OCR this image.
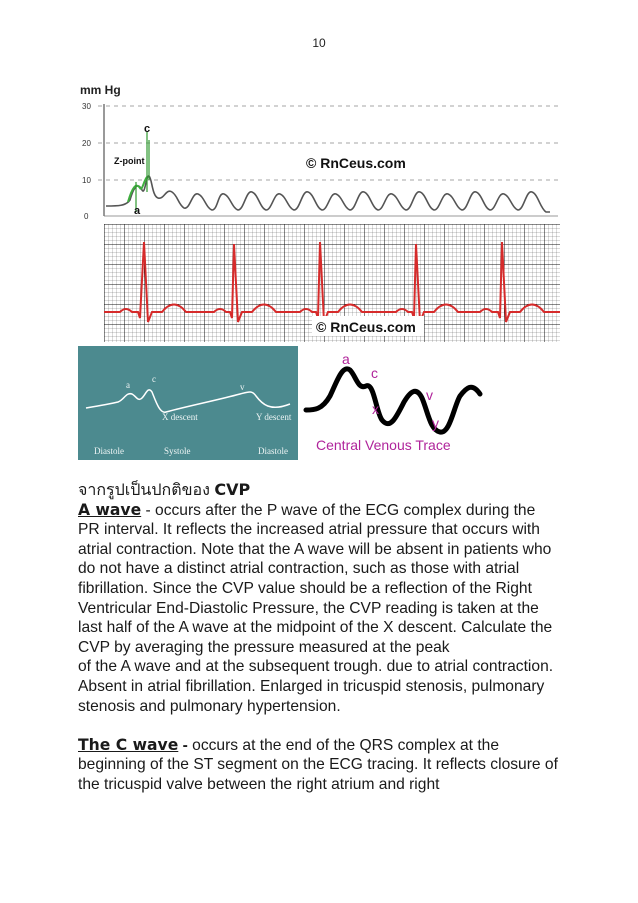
10
mm Hg
30
20
10
0
c
Z-point
a
© RnCeus.com
© RnCeus.com
a
c
v
X descent	Y descent
Diastole	Systole	Diastole
a
c
x
v
y
Central Venous Trace

จากรูปเป็นปกติของ CVP

A wave - occurs after the P wave of the ECG complex during the PR interval. It reflects the increased atrial pressure that occurs with atrial contraction. Note that the A wave will be absent in patients who do not have a distinct atrial contraction, such as those with atrial fibrillation. Since the CVP value should be a reflection of the Right Ventricular End-Diastolic Pressure, the CVP reading is taken at the last half of the A wave at the midpoint of the X descent. Calculate the CVP by averaging the pressure measured at the peak
of the A wave and at the subsequent trough. due to atrial contraction. Absent in atrial fibrillation. Enlarged in tricuspid stenosis, pulmonary stenosis and pulmonary hypertension.

The C wave - occurs at the end of the QRS complex at the beginning of the ST segment on the ECG tracing. It reflects closure of the tricuspid valve between the right atrium and right
